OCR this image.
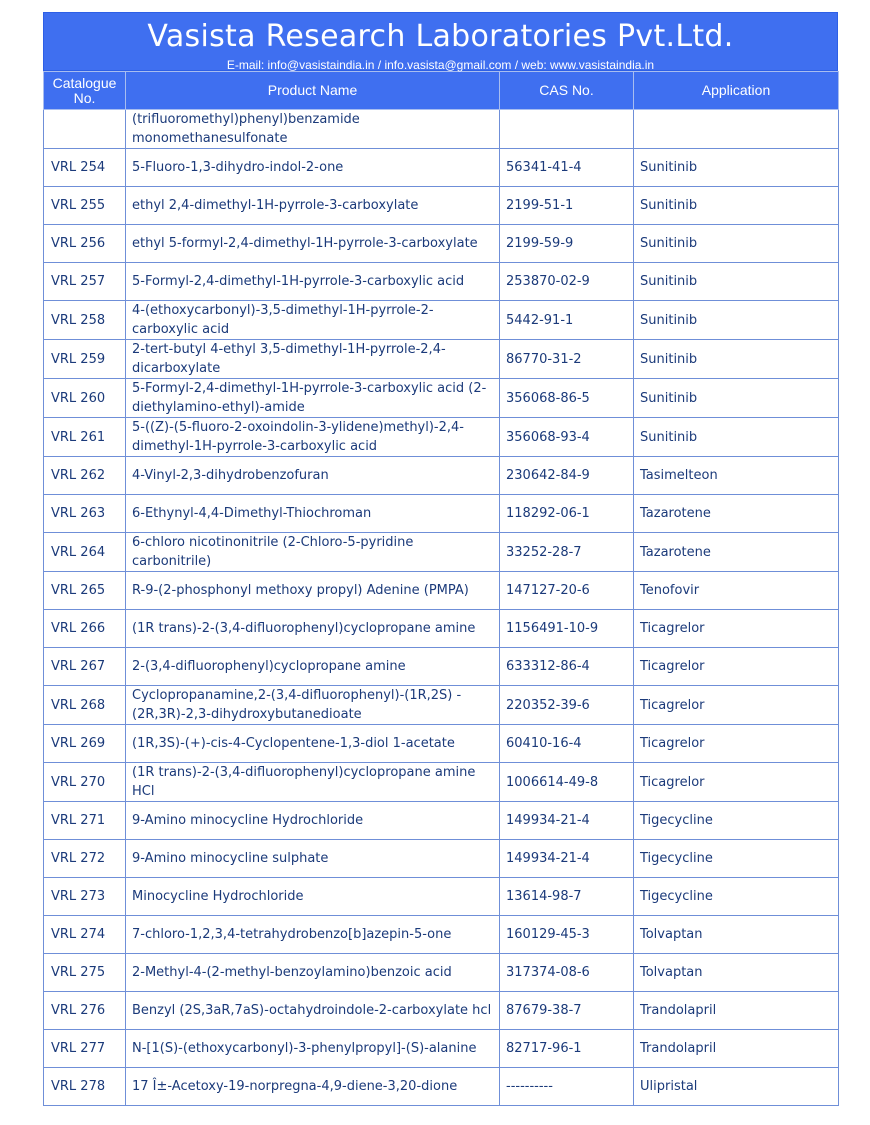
Vasista Research Laboratories Pvt.Ltd.
E-mail: info@vasistaindia.in / info.vasista@gmail.com / web: www.vasistaindia.in
Catalogue No.	Product Name	CAS No.	Application
	(trifluoromethyl)phenyl)benzamide monomethanesulfonate		
VRL 254	5-Fluoro-1,3-dihydro-indol-2-one	56341-41-4	Sunitinib
VRL 255	ethyl 2,4-dimethyl-1H-pyrrole-3-carboxylate	2199-51-1	Sunitinib
VRL 256	ethyl 5-formyl-2,4-dimethyl-1H-pyrrole-3-carboxylate	2199-59-9	Sunitinib
VRL 257	5-Formyl-2,4-dimethyl-1H-pyrrole-3-carboxylic acid	253870-02-9	Sunitinib
VRL 258	4-(ethoxycarbonyl)-3,5-dimethyl-1H-pyrrole-2-carboxylic acid	5442-91-1	Sunitinib
VRL 259	2-tert-butyl 4-ethyl 3,5-dimethyl-1H-pyrrole-2,4-dicarboxylate	86770-31-2	Sunitinib
VRL 260	5-Formyl-2,4-dimethyl-1H-pyrrole-3-carboxylic acid (2-diethylamino-ethyl)-amide	356068-86-5	Sunitinib
VRL 261	5-((Z)-(5-fluoro-2-oxoindolin-3-ylidene)methyl)-2,4-dimethyl-1H-pyrrole-3-carboxylic acid	356068-93-4	Sunitinib
VRL 262	4-Vinyl-2,3-dihydrobenzofuran	230642-84-9	Tasimelteon
VRL 263	6-Ethynyl-4,4-Dimethyl-Thiochroman	118292-06-1	Tazarotene
VRL 264	6-chloro nicotinonitrile (2-Chloro-5-pyridine carbonitrile)	33252-28-7	Tazarotene
VRL 265	R-9-(2-phosphonyl methoxy propyl) Adenine (PMPA)	147127-20-6	Tenofovir
VRL 266	(1R trans)-2-(3,4-difluorophenyl)cyclopropane amine	1156491-10-9	Ticagrelor
VRL 267	2-(3,4-difluorophenyl)cyclopropane amine	633312-86-4	Ticagrelor
VRL 268	Cyclopropanamine,2-(3,4-difluorophenyl)-(1R,2S) -(2R,3R)-2,3-dihydroxybutanedioate	220352-39-6	Ticagrelor
VRL 269	(1R,3S)-(+)-cis-4-Cyclopentene-1,3-diol 1-acetate	60410-16-4	Ticagrelor
VRL 270	(1R trans)-2-(3,4-difluorophenyl)cyclopropane amine HCl	1006614-49-8	Ticagrelor
VRL 271	9-Amino minocycline Hydrochloride	149934-21-4	Tigecycline
VRL 272	9-Amino minocycline sulphate	149934-21-4	Tigecycline
VRL 273	Minocycline Hydrochloride	13614-98-7	Tigecycline
VRL 274	7-chloro-1,2,3,4-tetrahydrobenzo[b]azepin-5-one	160129-45-3	Tolvaptan
VRL 275	2-Methyl-4-(2-methyl-benzoylamino)benzoic acid	317374-08-6	Tolvaptan
VRL 276	Benzyl (2S,3aR,7aS)-octahydroindole-2-carboxylate hcl	87679-38-7	Trandolapril
VRL 277	N-[1(S)-(ethoxycarbonyl)-3-phenylpropyl]-(S)-alanine	82717-96-1	Trandolapril
VRL 278	17 Î±-Acetoxy-19-norpregna-4,9-diene-3,20-dione	----------	Ulipristal
